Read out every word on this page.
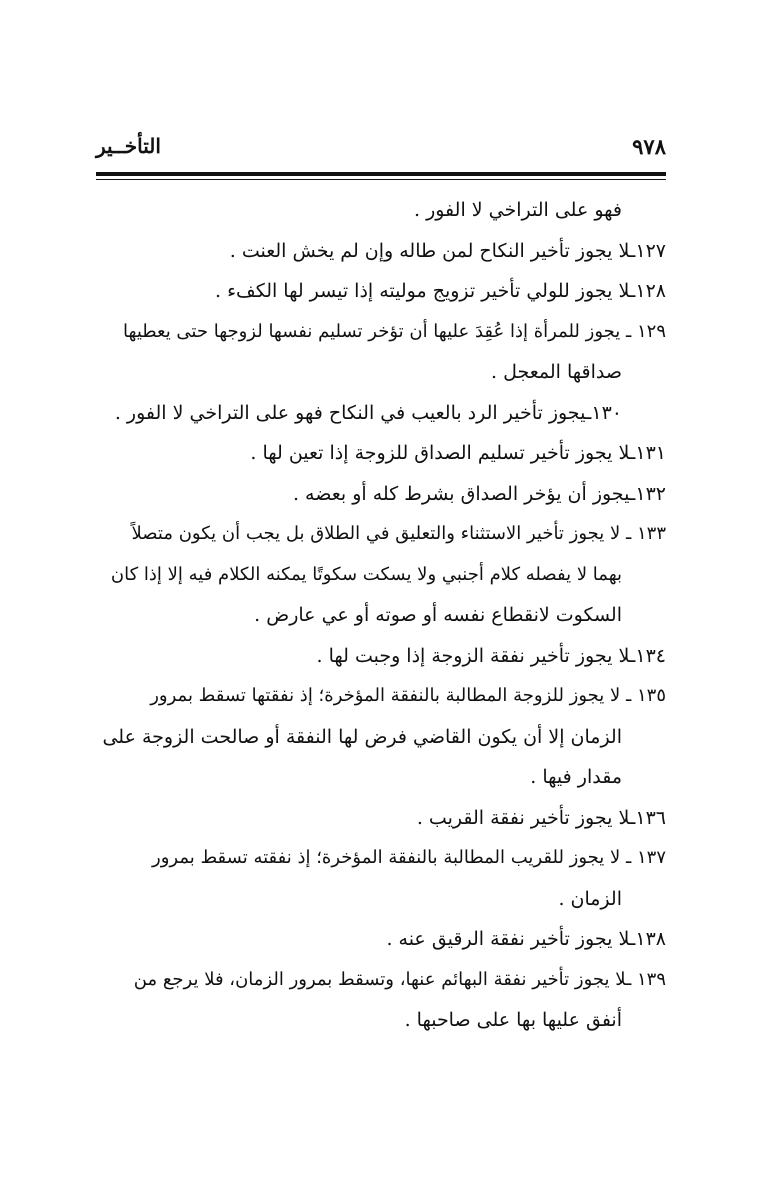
٩٧٨
التأخــير
فهو على التراخي لا الفور .
١٢٧ـلا يجوز تأخير النكاح لمن طاله وإن لم يخش العنت .
١٢٨ـلا يجوز للولي تأخير تزويج موليته إذا تيسر لها الكفء .
١٢٩ ـ يجوز للمرأة إذا عُقِدَ عليها أن تؤخر تسليم نفسها لزوجها حتى يعطيها
صداقها المعجل .
١٣٠ـيجوز تأخير الرد بالعيب في النكاح فهو على التراخي لا الفور .
١٣١ـلا يجوز تأخير تسليم الصداق للزوجة إذا تعين لها .
١٣٢ـيجوز أن يؤخر الصداق بشرط كله أو بعضه .
١٣٣ ـ لا يجوز تأخير الاستثناء والتعليق في الطلاق بل يجب أن يكون متصلاً
بهما لا يفصله كلام أجنبي ولا يسكت سكوتًا يمكنه الكلام فيه إلا إذا كان
السكوت لانقطاع نفسه أو صوته أو عي عارض .
١٣٤ـلا يجوز تأخير نفقة الزوجة إذا وجبت لها .
١٣٥ ـ لا يجوز للزوجة المطالبة بالنفقة المؤخرة؛ إذ نفقتها تسقط بمرور
الزمان إلا أن يكون القاضي فرض لها النفقة أو صالحت الزوجة على
مقدار فيها .
١٣٦ـلا يجوز تأخير نفقة القريب .
١٣٧ ـ لا يجوز للقريب المطالبة بالنفقة المؤخرة؛ إذ نفقته تسقط بمرور
الزمان .
١٣٨ـلا يجوز تأخير نفقة الرقيق عنه .
١٣٩ ـلا يجوز تأخير نفقة البهائم عنها، وتسقط بمرور الزمان، فلا يرجع من
أنفق عليها بها على صاحبها .
